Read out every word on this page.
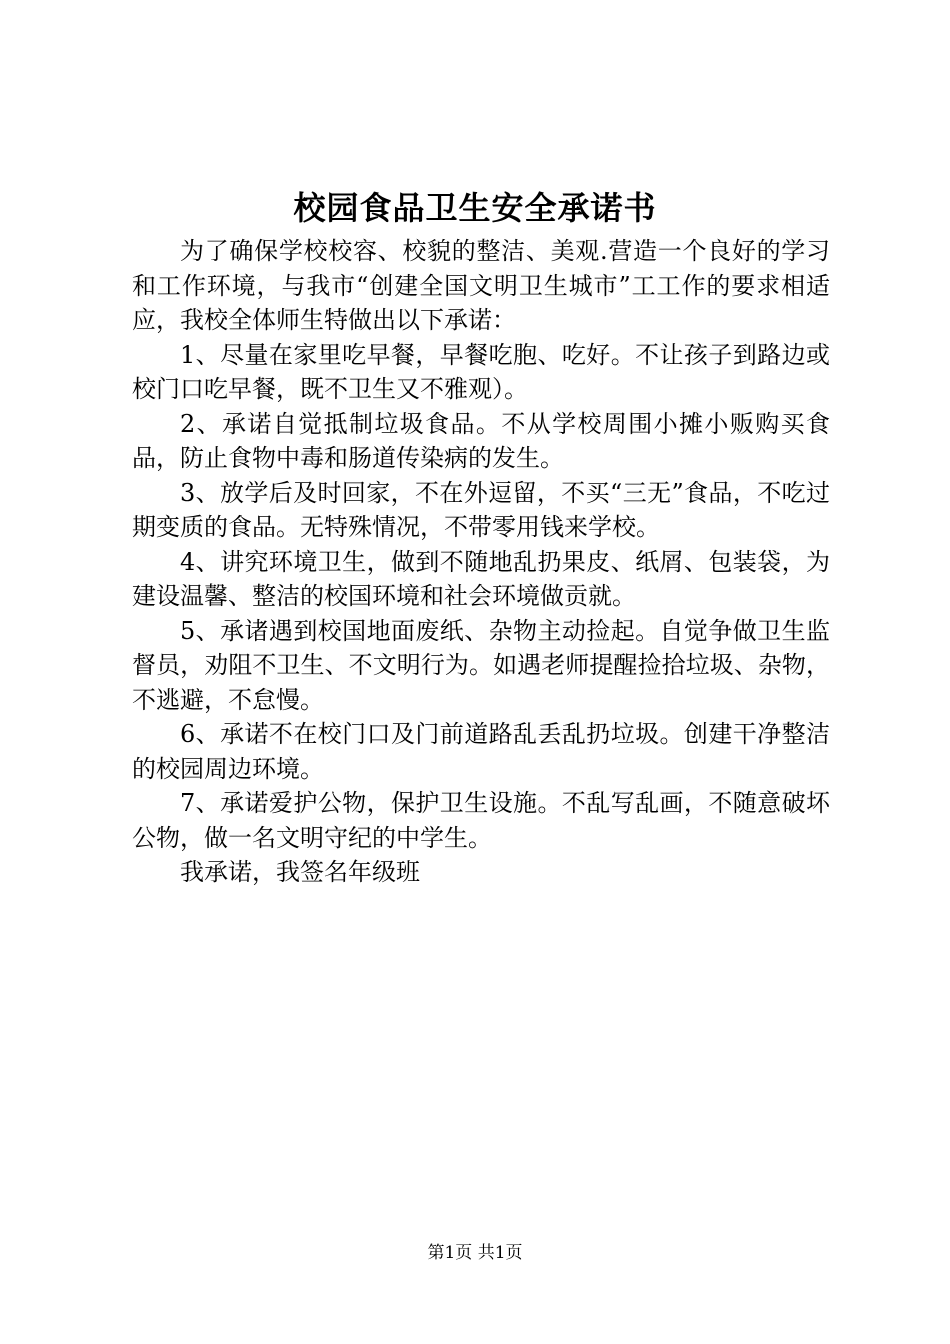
校园食品卫生安全承诺书

为了确保学校校容、校貌的整洁、美观.营造一个良好的学习和工作环境，与我市“创建全国文明卫生城市”工工作的要求相适应，我校全体师生特做出以下承诺：

1、尽量在家里吃早餐，早餐吃胞、吃好。不让孩子到路边或校门口吃早餐，既不卫生又不雅观）。

2、承诺自觉抵制垃圾食品。不从学校周围小摊小贩购买食品，防止食物中毒和肠道传染病的发生。

3、放学后及时回家，不在外逗留，不买“三无”食品，不吃过期变质的食品。无特殊情况，不带零用钱来学校。

4、讲究环境卫生，做到不随地乱扔果皮、纸屑、包装袋，为建设温馨、整洁的校国环境和社会环境做贡就。

5、承诸遇到校国地面废纸、杂物主动捡起。自觉争做卫生监督员，劝阻不卫生、不文明行为。如遇老师提醒捡拾垃圾、杂物，不逃避，不怠慢。

6、承诺不在校门口及门前道路乱丢乱扔垃圾。创建干净整洁的校园周边环境。

7、承诺爱护公物，保护卫生设施。不乱写乱画，不随意破坏公物，做一名文明守纪的中学生。

我承诺，我签名年级班

第1页 共1页
